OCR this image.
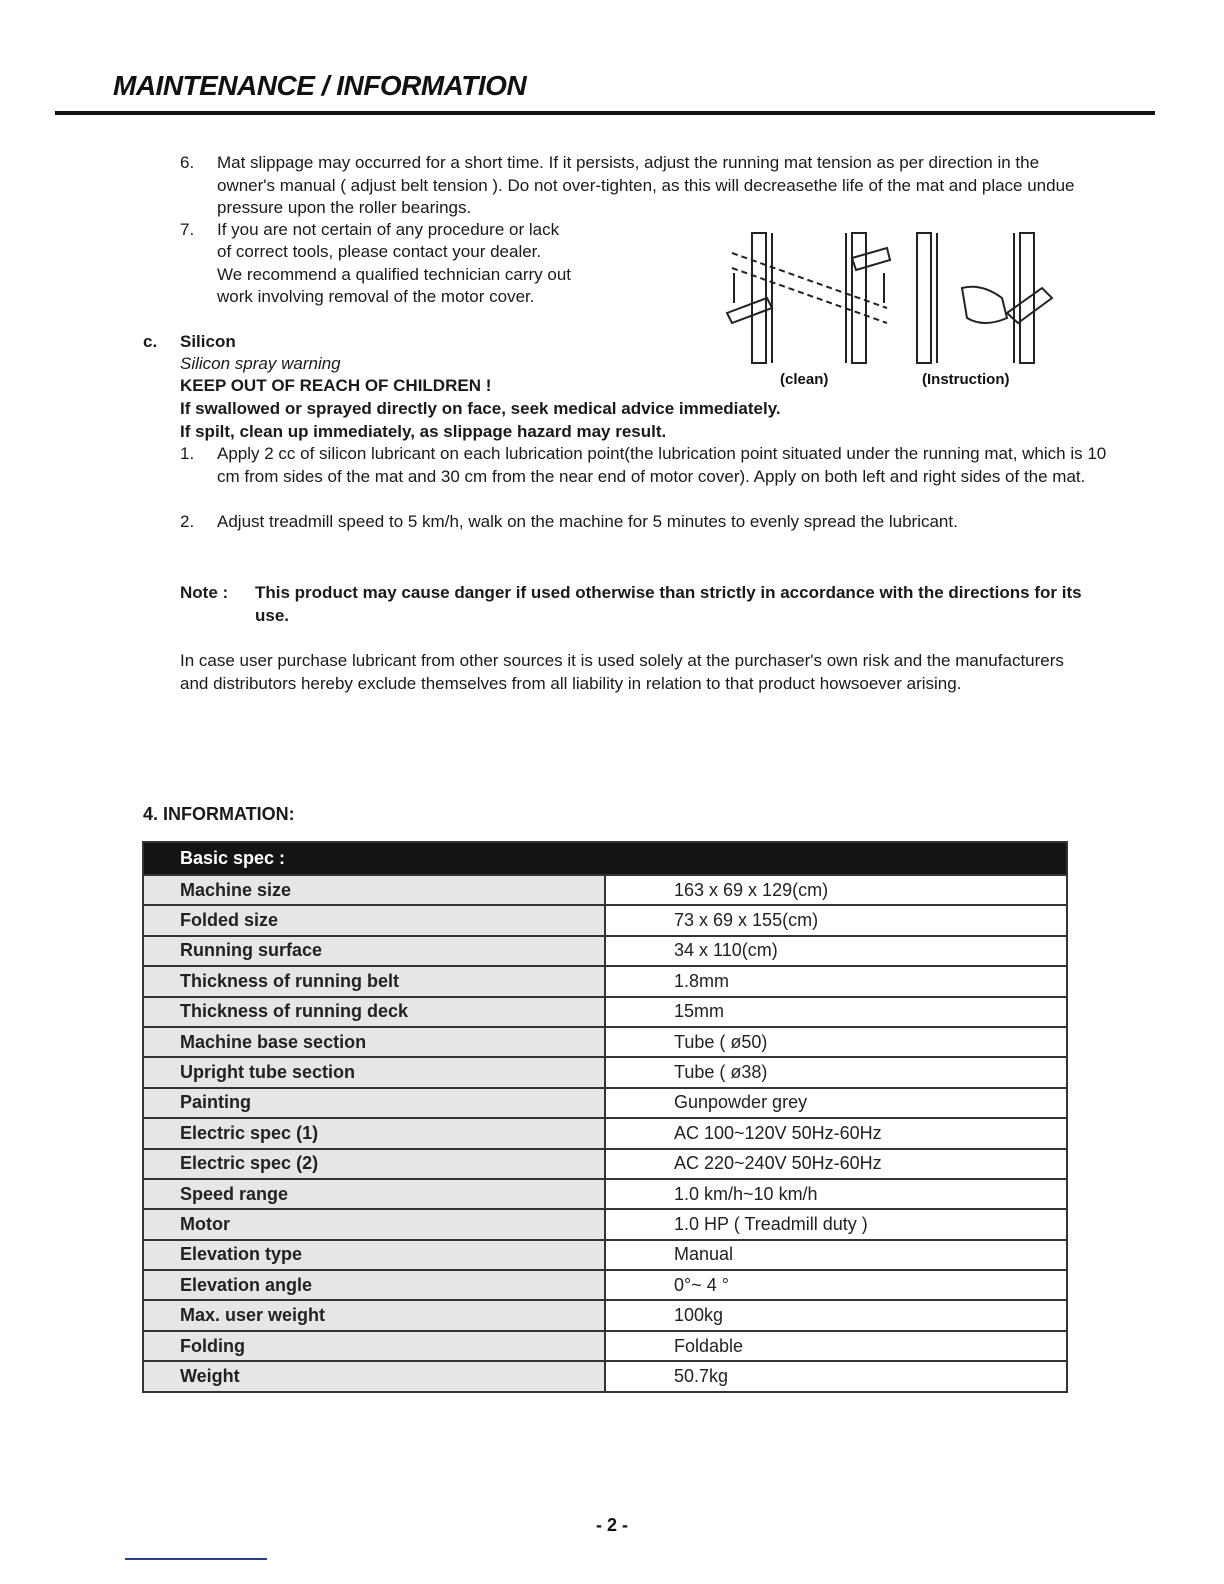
MAINTENANCE / INFORMATION
6.	Mat slippage may occurred for a short time. If it persists, adjust the running mat tension as per direction in the owner's manual ( adjust belt tension ). Do not over-tighten, as this will decreasethe life of the mat and place undue pressure upon the roller bearings.
7.	If you are not certain of any procedure or lack
of correct tools, please contact your dealer.
We recommend a qualified technician carry out
work involving removal of the motor cover.
(clean)	(Instruction)
c. Silicon
Silicon spray warning
KEEP OUT OF REACH OF CHILDREN !
If swallowed or sprayed directly on face, seek medical advice immediately.
If spilt, clean up immediately, as slippage hazard may result.
1.	Apply 2 cc of silicon lubricant on each lubrication point(the lubrication point situated under the running mat, which is 10 cm from sides of the mat and 30 cm from the near end of motor cover). Apply on both left and right sides of the mat.
2.	Adjust treadmill speed to 5 km/h, walk on the machine for 5 minutes to evenly spread the lubricant.
Note : This product may cause danger if used otherwise than strictly in accordance with the directions for its use.
In case user purchase lubricant from other sources it is used solely at the purchaser's own risk and the manufacturers and distributors hereby exclude themselves from all liability in relation to that product howsoever arising.
4. INFORMATION:
Basic spec :	
Machine size	163 x 69 x 129(cm)
Folded size	73 x 69 x 155(cm)
Running surface	34 x 110(cm)
Thickness of running belt	1.8mm
Thickness of running deck	15mm
Machine base section	Tube ( ø50)
Upright tube section	Tube ( ø38)
Painting	Gunpowder grey
Electric spec (1)	AC 100~120V 50Hz-60Hz
Electric spec (2)	AC 220~240V 50Hz-60Hz
Speed range	1.0 km/h~10 km/h
Motor	1.0 HP ( Treadmill duty )
Elevation type	Manual
Elevation angle	0°~ 4 °
Max. user weight	100kg
Folding	Foldable
Weight	50.7kg
- 2 -
